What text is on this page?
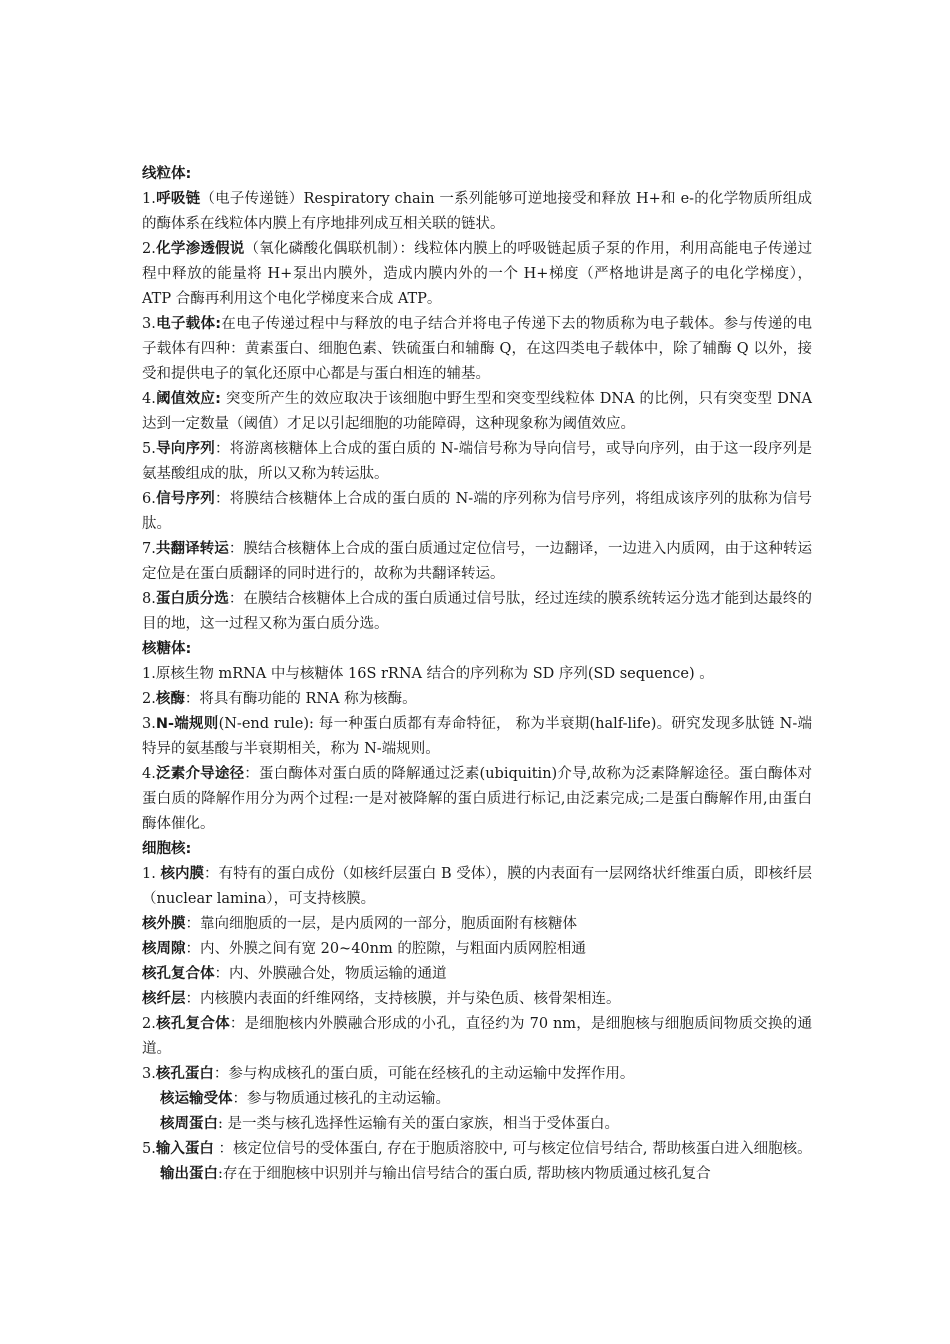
线粒体:

1.呼吸链（电子传递链）Respiratory chain 一系列能够可逆地接受和释放 H+和 e-的化学物质所组成的酶体系在线粒体内膜上有序地排列成互相关联的链状。

2.化学渗透假说（氧化磷酸化偶联机制）：线粒体内膜上的呼吸链起质子泵的作用，利用高能电子传递过程中释放的能量将 H+泵出内膜外，造成内膜内外的一个 H+梯度（严格地讲是离子的电化学梯度），ATP 合酶再利用这个电化学梯度来合成 ATP。

3.电子载体:在电子传递过程中与释放的电子结合并将电子传递下去的物质称为电子载体。参与传递的电子载体有四种：黄素蛋白、细胞色素、铁硫蛋白和辅酶 Q，在这四类电子载体中，除了辅酶 Q 以外，接受和提供电子的氧化还原中心都是与蛋白相连的辅基。

4.阈值效应: 突变所产生的效应取决于该细胞中野生型和突变型线粒体 DNA 的比例，只有突变型 DNA 达到一定数量（阈值）才足以引起细胞的功能障碍，这种现象称为阈值效应。

5.导向序列：将游离核糖体上合成的蛋白质的 N-端信号称为导向信号，或导向序列，由于这一段序列是氨基酸组成的肽，所以又称为转运肽。

6.信号序列：将膜结合核糖体上合成的蛋白质的 N-端的序列称为信号序列，将组成该序列的肽称为信号肽。

7.共翻译转运：膜结合核糖体上合成的蛋白质通过定位信号，一边翻译，一边进入内质网，由于这种转运定位是在蛋白质翻译的同时进行的，故称为共翻译转运。

8.蛋白质分选：在膜结合核糖体上合成的蛋白质通过信号肽，经过连续的膜系统转运分选才能到达最终的目的地，这一过程又称为蛋白质分选。

核糖体:

1.原核生物 mRNA 中与核糖体 16S rRNA 结合的序列称为 SD 序列(SD sequence) 。

2.核酶：将具有酶功能的 RNA 称为核酶。

3.N-端规则(N-end rule): 每一种蛋白质都有寿命特征， 称为半衰期(half-life)。研究发现多肽链 N-端特异的氨基酸与半衰期相关，称为 N-端规则。

4.泛素介导途径：蛋白酶体对蛋白质的降解通过泛素(ubiquitin)介导,故称为泛素降解途径。蛋白酶体对蛋白质的降解作用分为两个过程:一是对被降解的蛋白质进行标记,由泛素完成;二是蛋白酶解作用,由蛋白酶体催化。

细胞核:

1. 核内膜：有特有的蛋白成份（如核纤层蛋白 B 受体），膜的内表面有一层网络状纤维蛋白质，即核纤层（nuclear lamina），可支持核膜。

核外膜：靠向细胞质的一层，是内质网的一部分，胞质面附有核糖体

核周隙：内、外膜之间有宽 20~40nm 的腔隙，与粗面内质网腔相通

核孔复合体：内、外膜融合处，物质运输的通道

核纤层：内核膜内表面的纤维网络，支持核膜，并与染色质、核骨架相连。

2.核孔复合体：是细胞核内外膜融合形成的小孔，直径约为 70 nm，是细胞核与细胞质间物质交换的通道。

3.核孔蛋白：参与构成核孔的蛋白质，可能在经核孔的主动运输中发挥作用。

核运输受体：参与物质通过核孔的主动运输。

核周蛋白: 是一类与核孔选择性运输有关的蛋白家族，相当于受体蛋白。

5.输入蛋白 ：核定位信号的受体蛋白, 存在于胞质溶胶中, 可与核定位信号结合, 帮助核蛋白进入细胞核。

输出蛋白:存在于细胞核中识别并与输出信号结合的蛋白质, 帮助核内物质通过核孔复合
